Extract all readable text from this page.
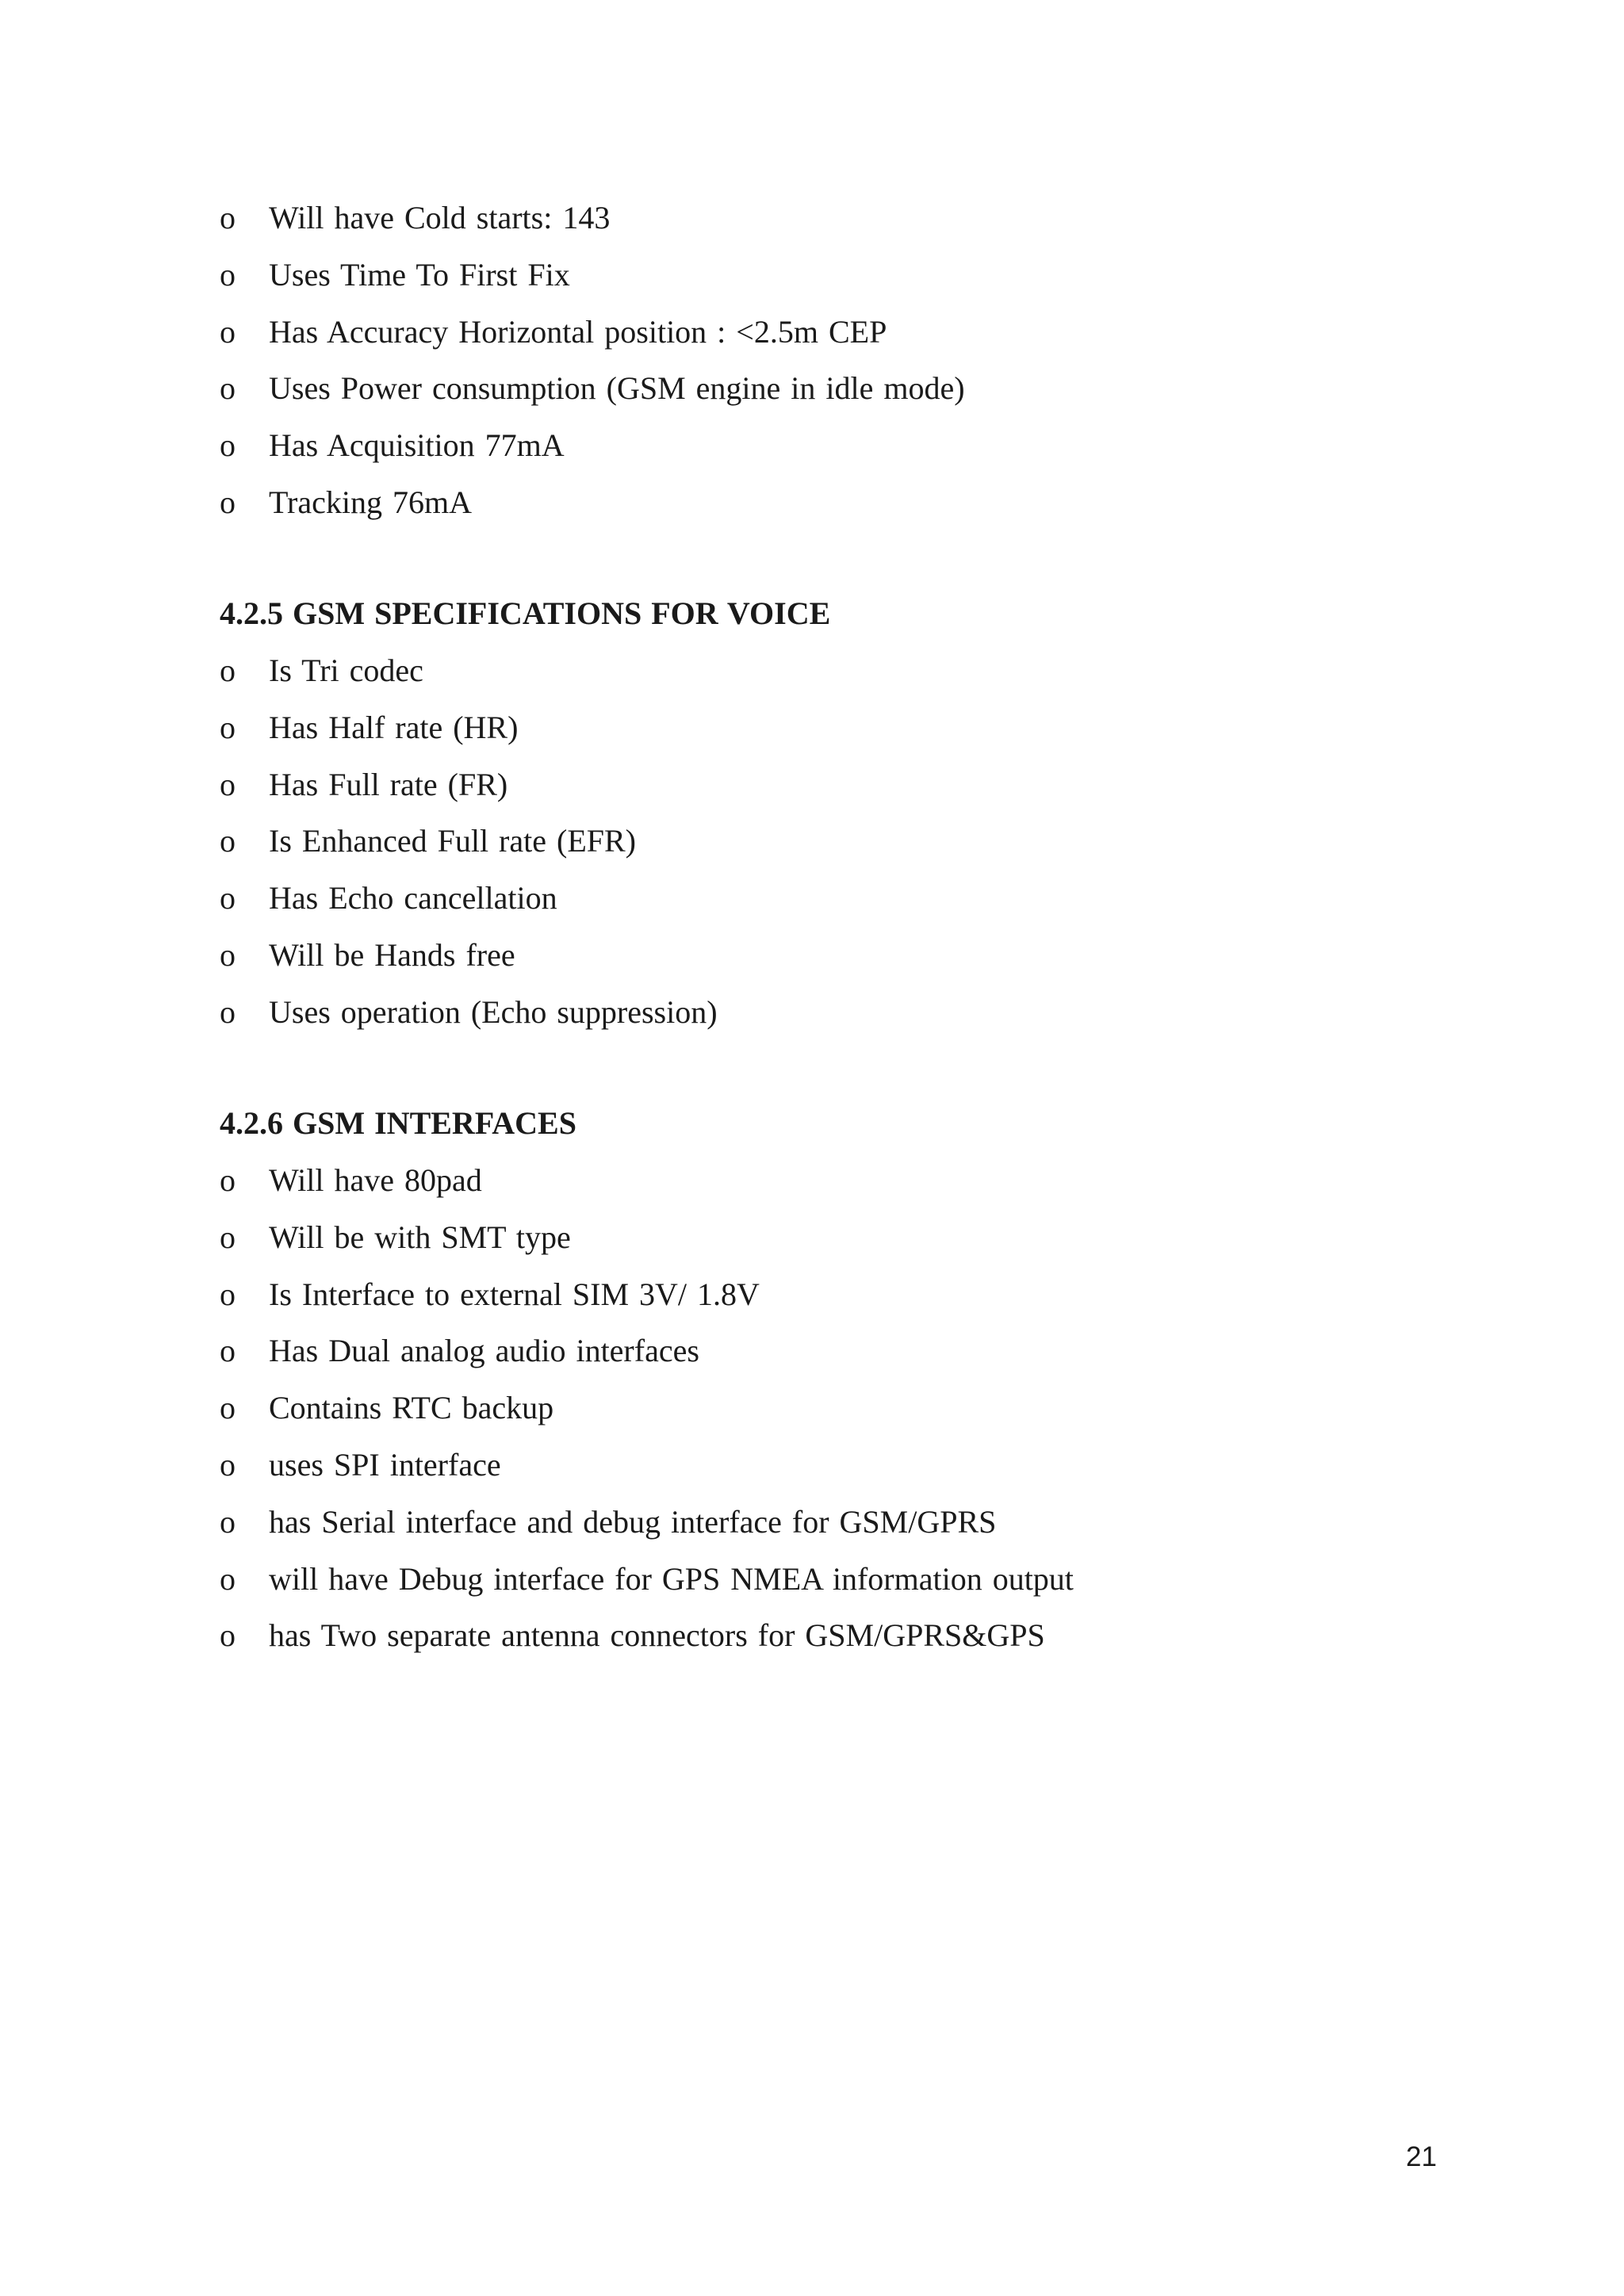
o	Will have Cold starts: 143
o	Uses Time To First Fix
o	Has Accuracy Horizontal position : <2.5m CEP
o	Uses Power consumption (GSM engine in idle mode)
o	Has Acquisition 77mA
o	Tracking 76mA
4.2.5 GSM SPECIFICATIONS FOR VOICE
o	Is Tri codec
o	Has Half rate (HR)
o	Has Full rate (FR)
o	Is Enhanced Full rate (EFR)
o	Has Echo cancellation
o	Will be Hands free
o	Uses operation (Echo suppression)
4.2.6 GSM INTERFACES
o	Will have 80pad
o	Will be with SMT type
o	Is Interface to external SIM 3V/ 1.8V
o	Has Dual analog audio interfaces
o	Contains RTC backup
o	uses SPI interface
o	has Serial interface and debug interface for GSM/GPRS
o	will have Debug interface for GPS NMEA information output
o	has Two separate antenna connectors for GSM/GPRS&GPS
21
